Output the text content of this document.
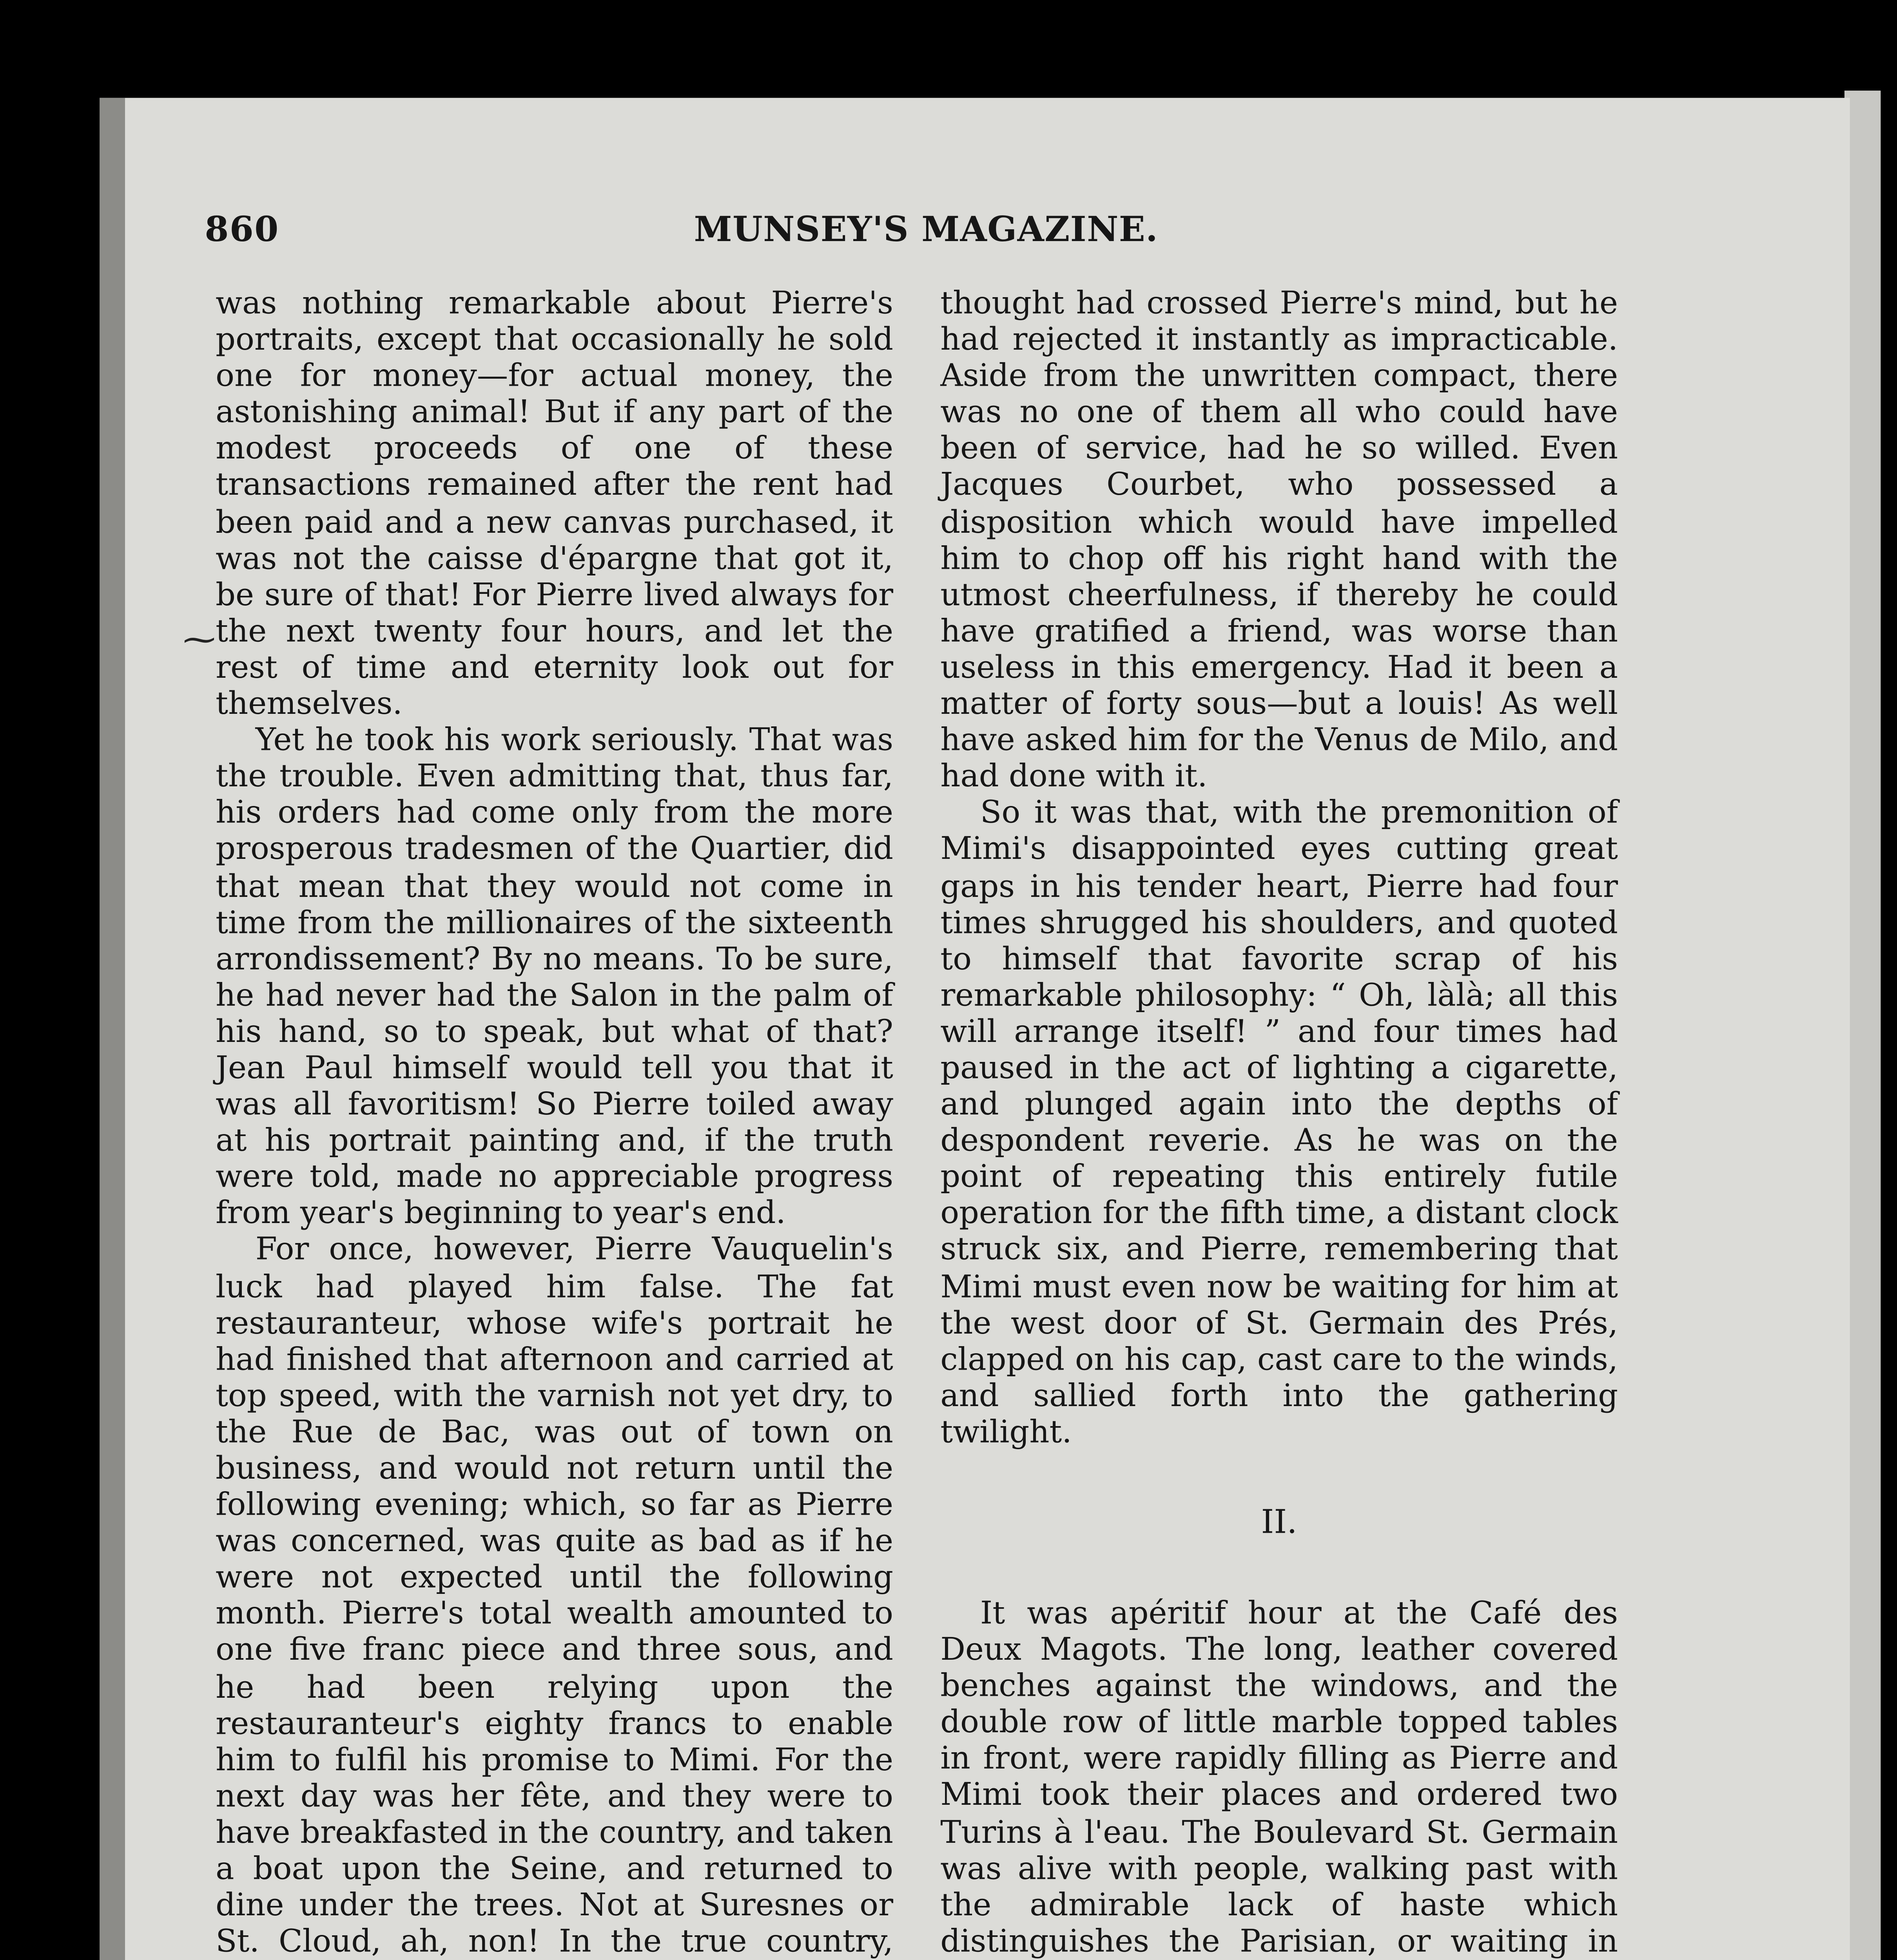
860	MUNSEY'S MAGAZINE.
⁓

was nothing remarkable about Pierre's portraits, except that occasionally he sold one for money—for actual money, the astonishing animal! But if any part of the modest proceeds of one of these transactions remained after the rent had been paid and a new canvas purchased, it was not the caisse d'épargne that got it, be sure of that! For Pierre lived always for the next twenty four hours, and let the rest of time and eternity look out for themselves.

Yet he took his work seriously. That was the trouble. Even admitting that, thus far, his orders had come only from the more prosperous tradesmen of the Quartier, did that mean that they would not come in time from the millionaires of the sixteenth arrondissement? By no means. To be sure, he had never had the Salon in the palm of his hand, so to speak, but what of that? Jean Paul himself would tell you that it was all favoritism! So Pierre toiled away at his portrait painting and, if the truth were told, made no appreciable progress from year's beginning to year's end.

For once, however, Pierre Vauquelin's luck had played him false. The fat restauranteur, whose wife's portrait he had finished that afternoon and carried at top speed, with the varnish not yet dry, to the Rue de Bac, was out of town on business, and would not return until the following evening; which, so far as Pierre was concerned, was quite as bad as if he were not expected until the following month. Pierre's total wealth amounted to one five franc piece and three sous, and he had been relying upon the restauranteur's eighty francs to enable him to fulfil his promise to Mimi. For the next day was her fête, and they were to have breakfasted in the country, and taken a boat upon the Seine, and returned to dine under the trees. Not at Suresnes or St. Cloud, ah, non! In the true country,

thought had crossed Pierre's mind, but he had rejected it instantly as impracticable. Aside from the unwritten compact, there was no one of them all who could have been of service, had he so willed. Even Jacques Courbet, who possessed a disposition which would have impelled him to chop off his right hand with the utmost cheerfulness, if thereby he could have gratified a friend, was worse than useless in this emergency. Had it been a matter of forty sous—but a louis! As well have asked him for the Venus de Milo, and had done with it.

So it was that, with the premonition of Mimi's disappointed eyes cutting great gaps in his tender heart, Pierre had four times shrugged his shoulders, and quoted to himself that favorite scrap of his remarkable philosophy: “ Oh, làlà; all this will arrange itself! ” and four times had paused in the act of lighting a cigarette, and plunged again into the depths of despondent reverie. As he was on the point of repeating this entirely futile operation for the fifth time, a distant clock struck six, and Pierre, remembering that Mimi must even now be waiting for him at the west door of St. Germain des Prés, clapped on his cap, cast care to the winds, and sallied forth into the gathering twilight.

II.

It was apéritif hour at the Café des Deux Magots. The long, leather covered benches against the windows, and the double row of little marble topped tables in front, were rapidly filling as Pierre and Mimi took their places and ordered two Turins à l'eau. The Boulevard St. Germain was alive with people, walking past with the admirable lack of haste which distinguishes the Parisian, or waiting in
